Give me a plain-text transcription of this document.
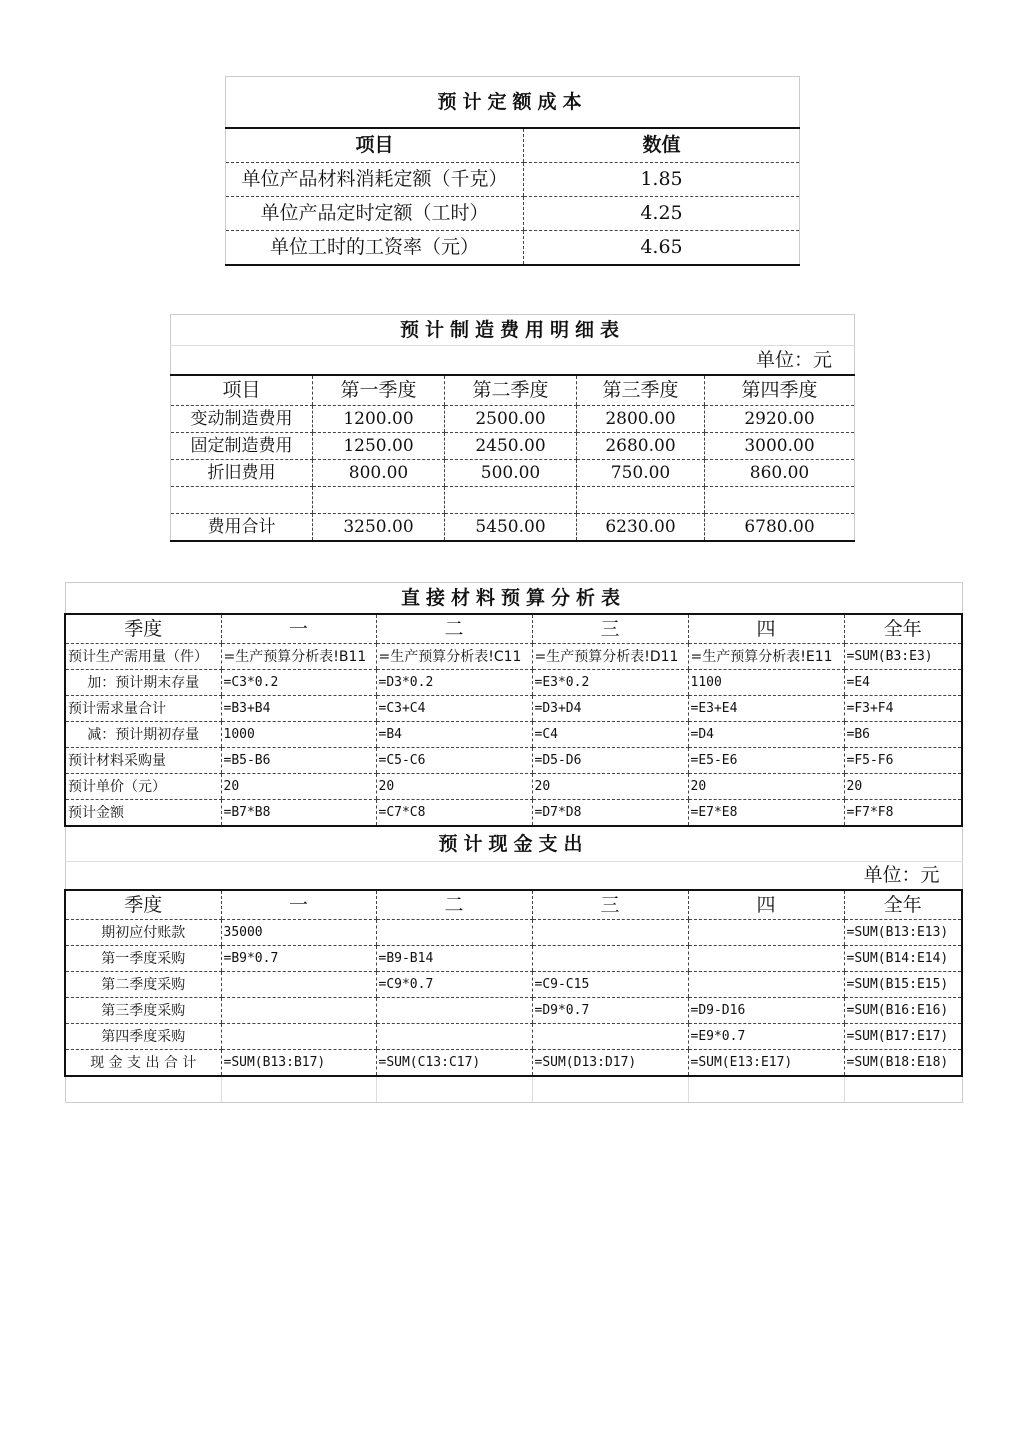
预计定额成本	
项目	数值
单位产品材料消耗定额（千克）	1.85
单位产品定时定额（工时）	4.25
单位工时的工资率（元）	4.65
预计制造费用明细表				
单位：元				
项目	第一季度	第二季度	第三季度	第四季度
变动制造费用	1200.00	2500.00	2800.00	2920.00
固定制造费用	1250.00	2450.00	2680.00	3000.00
折旧费用	800.00	500.00	750.00	860.00

费用合计	3250.00	5450.00	6230.00	6780.00
直接材料预算分析表					
季度	一	二	三	四	全年
预计生产需用量（件）	=生产预算分析表!B11	=生产预算分析表!C11	=生产预算分析表!D11	=生产预算分析表!E11	=SUM(B3:E3)
加：预计期末存量	=C3*0.2	=D3*0.2	=E3*0.2	1100	=E4
预计需求量合计	=B3+B4	=C3+C4	=D3+D4	=E3+E4	=F3+F4
减：预计期初存量	1000	=B4	=C4	=D4	=B6
预计材料采购量	=B5-B6	=C5-C6	=D5-D6	=E5-E6	=F5-F6
预计单价（元）	20	20	20	20	20
预计金额	=B7*B8	=C7*C8	=D7*D8	=E7*E8	=F7*F8
预计现金支出					
单位：元					
季度	一	二	三	四	全年
期初应付账款	35000				=SUM(B13:E13)
第一季度采购	=B9*0.7	=B9-B14			=SUM(B14:E14)
第二季度采购		=C9*0.7	=C9-C15		=SUM(B15:E15)
第三季度采购			=D9*0.7	=D9-D16	=SUM(B16:E16)
第四季度采购				=E9*0.7	=SUM(B17:E17)
现 金 支 出 合 计	=SUM(B13:B17)	=SUM(C13:C17)	=SUM(D13:D17)	=SUM(E13:E17)	=SUM(B18:E18)
